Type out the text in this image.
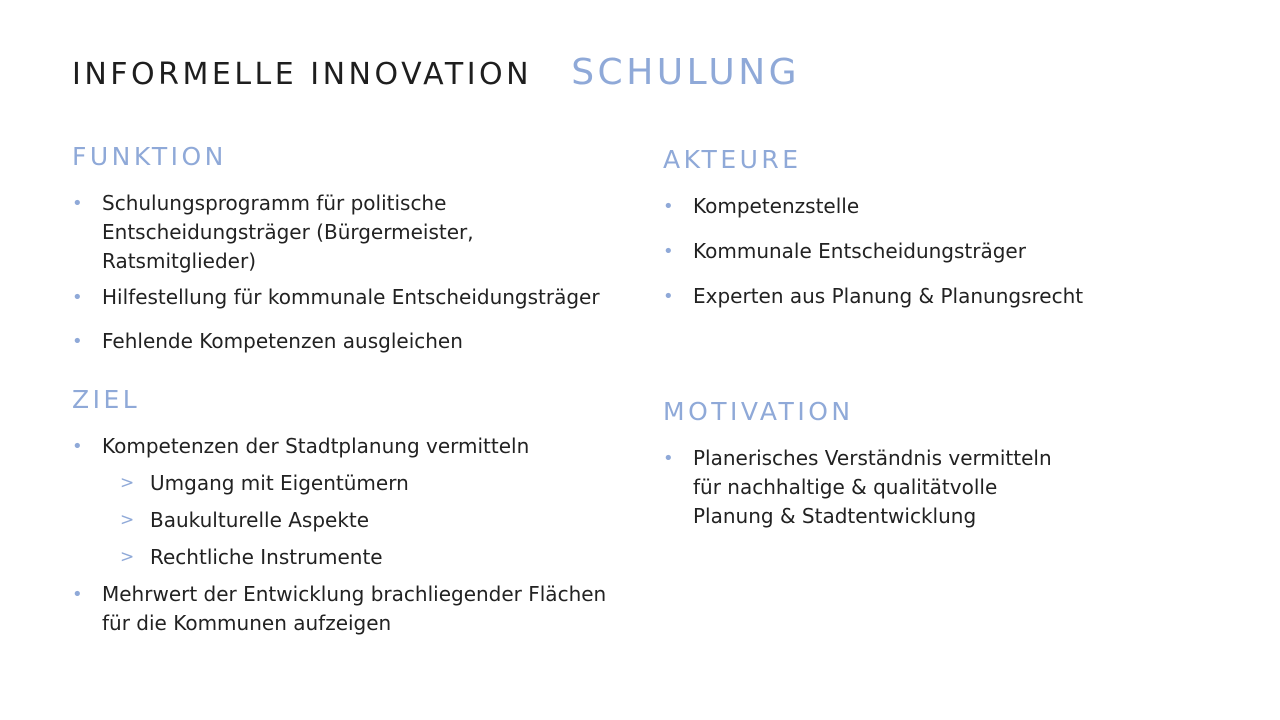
INFORMELLE INNOVATION SCHULUNG
FUNKTION
• Schulungsprogramm für politische Entscheidungsträger (Bürgermeister, Ratsmitglieder)
• Hilfestellung für kommunale Entscheidungsträger
• Fehlende Kompetenzen ausgleichen
AKTEURE
• Kompetenzstelle
• Kommunale Entscheidungsträger
• Experten aus Planung & Planungsrecht
ZIEL
• Kompetenzen der Stadtplanung vermitteln
> Umgang mit Eigentümern
> Baukulturelle Aspekte
> Rechtliche Instrumente
• Mehrwert der Entwicklung brachliegender Flächen für die Kommunen aufzeigen
MOTIVATION
• Planerisches Verständnis vermitteln für nachhaltige & qualitätvolle Planung & Stadtentwicklung
